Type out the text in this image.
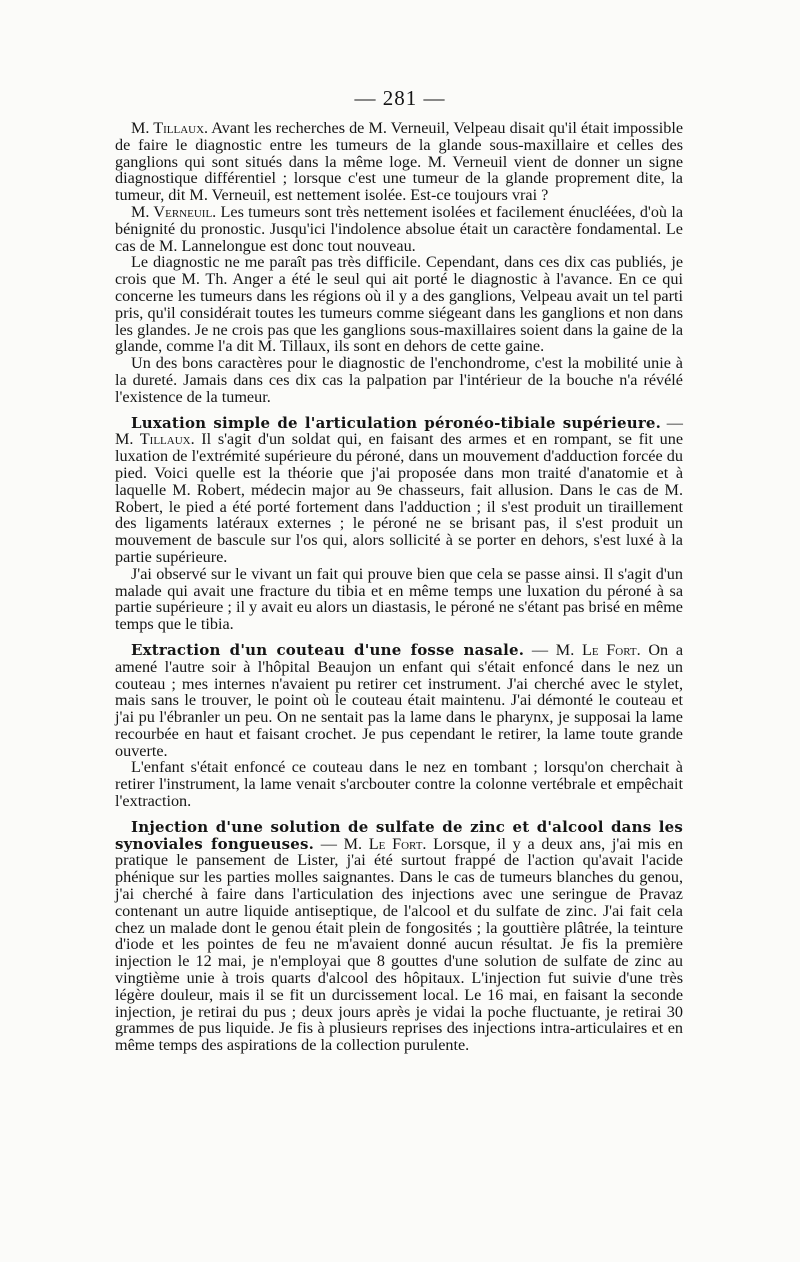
— 281 —

M. Tillaux. Avant les recherches de M. Verneuil, Velpeau disait qu'il était impossible de faire le diagnostic entre les tumeurs de la glande sous-maxillaire et celles des ganglions qui sont situés dans la même loge. M. Verneuil vient de donner un signe diagnostique différentiel ; lorsque c'est une tumeur de la glande proprement dite, la tumeur, dit M. Verneuil, est nettement isolée. Est-ce toujours vrai ?

M. Verneuil. Les tumeurs sont très nettement isolées et facilement énucléées, d'où la bénignité du pronostic. Jusqu'ici l'indolence absolue était un caractère fondamental. Le cas de M. Lannelongue est donc tout nouveau.

Le diagnostic ne me paraît pas très difficile. Cependant, dans ces dix cas publiés, je crois que M. Th. Anger a été le seul qui ait porté le diagnostic à l'avance. En ce qui concerne les tumeurs dans les régions où il y a des ganglions, Velpeau avait un tel parti pris, qu'il considérait toutes les tumeurs comme siégeant dans les ganglions et non dans les glandes. Je ne crois pas que les ganglions sous-maxillaires soient dans la gaine de la glande, comme l'a dit M. Tillaux, ils sont en dehors de cette gaine.

Un des bons caractères pour le diagnostic de l'enchondrome, c'est la mobilité unie à la dureté. Jamais dans ces dix cas la palpation par l'intérieur de la bouche n'a révélé l'existence de la tumeur.

Luxation simple de l'articulation péronéo-tibiale supérieure. — M. Tillaux. Il s'agit d'un soldat qui, en faisant des armes et en rompant, se fit une luxation de l'extrémité supérieure du péroné, dans un mouvement d'adduction forcée du pied. Voici quelle est la théorie que j'ai proposée dans mon traité d'anatomie et à laquelle M. Robert, médecin major au 9e chasseurs, fait allusion. Dans le cas de M. Robert, le pied a été porté fortement dans l'adduction ; il s'est produit un tiraillement des ligaments latéraux externes ; le péroné ne se brisant pas, il s'est produit un mouvement de bascule sur l'os qui, alors sollicité à se porter en dehors, s'est luxé à la partie supérieure.

J'ai observé sur le vivant un fait qui prouve bien que cela se passe ainsi. Il s'agit d'un malade qui avait une fracture du tibia et en même temps une luxation du péroné à sa partie supérieure ; il y avait eu alors un diastasis, le péroné ne s'étant pas brisé en même temps que le tibia.

Extraction d'un couteau d'une fosse nasale. — M. Le Fort. On a amené l'autre soir à l'hôpital Beaujon un enfant qui s'était enfoncé dans le nez un couteau ; mes internes n'avaient pu retirer cet instrument. J'ai cherché avec le stylet, mais sans le trouver, le point où le couteau était maintenu. J'ai démonté le couteau et j'ai pu l'ébranler un peu. On ne sentait pas la lame dans le pharynx, je supposai la lame recourbée en haut et faisant crochet. Je pus cependant le retirer, la lame toute grande ouverte.

L'enfant s'était enfoncé ce couteau dans le nez en tombant ; lorsqu'on cherchait à retirer l'instrument, la lame venait s'arcbouter contre la colonne vertébrale et empêchait l'extraction.

Injection d'une solution de sulfate de zinc et d'alcool dans les synoviales fongueuses. — M. Le Fort. Lorsque, il y a deux ans, j'ai mis en pratique le pansement de Lister, j'ai été surtout frappé de l'action qu'avait l'acide phénique sur les parties molles saignantes. Dans le cas de tumeurs blanches du genou, j'ai cherché à faire dans l'articulation des injections avec une seringue de Pravaz contenant un autre liquide antiseptique, de l'alcool et du sulfate de zinc. J'ai fait cela chez un malade dont le genou était plein de fongosités ; la gouttière plâtrée, la teinture d'iode et les pointes de feu ne m'avaient donné aucun résultat. Je fis la première injection le 12 mai, je n'employai que 8 gouttes d'une solution de sulfate de zinc au vingtième unie à trois quarts d'alcool des hôpitaux. L'injection fut suivie d'une très légère douleur, mais il se fit un durcissement local. Le 16 mai, en faisant la seconde injection, je retirai du pus ; deux jours après je vidai la poche fluctuante, je retirai 30 grammes de pus liquide. Je fis à plusieurs reprises des injections intra-articulaires et en même temps des aspirations de la collection purulente.
